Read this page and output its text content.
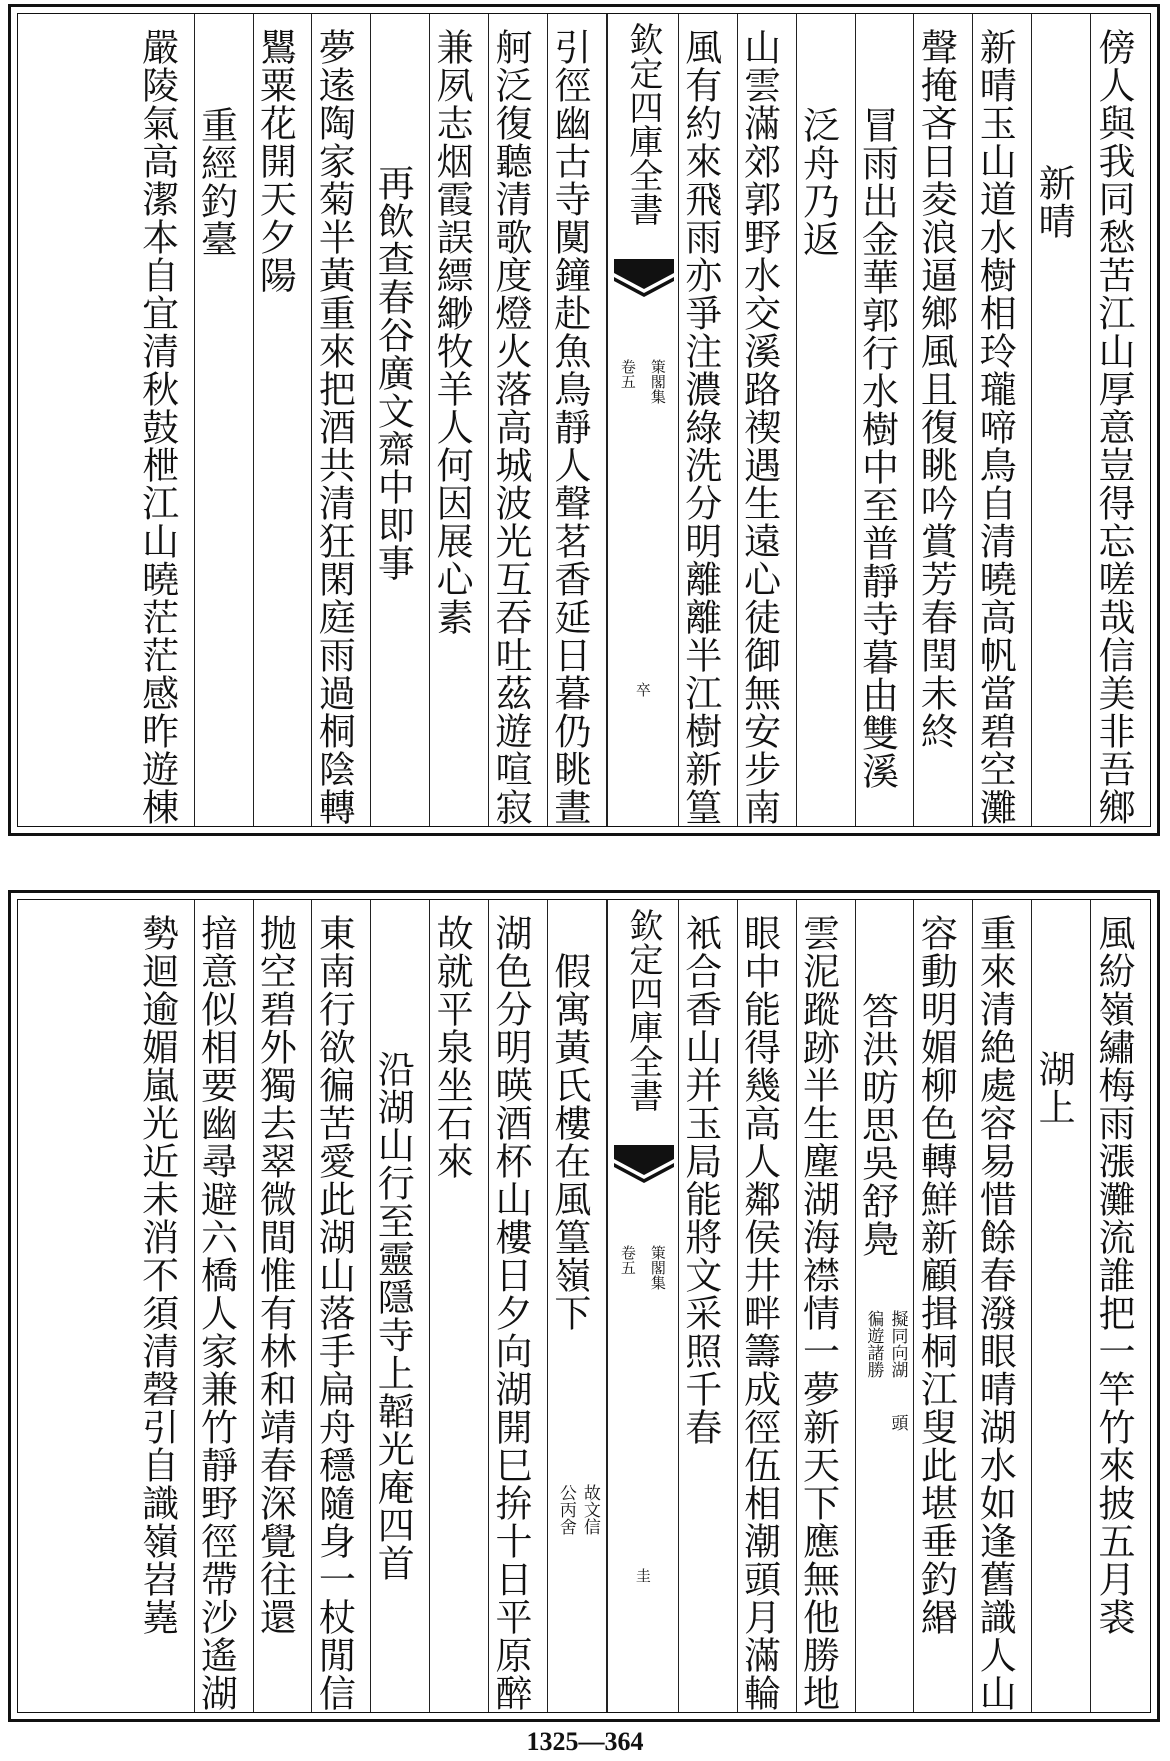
傍人與我同愁苦江山厚意豈得忘嗟哉信美非吾鄉
新晴
新晴玉山道水樹相玲瓏啼鳥自清曉高帆當碧空灘
聲掩吝日夌浪逼鄉風且復眺吟賞芳春閏未終
冒雨出金華郭行水樹中至普靜寺暮由雙溪
泛舟乃返
山雲滿郊郭野水交溪路禊遇生遠心徒御無安步南
風有約來飛雨亦爭注濃綠洗分明離離半江樹新篁
欽定四庫全書
䇿閣集
卷五
卒
引徑幽古寺闃鐘赴魚鳥靜人聲茗香延日暮仍眺晝
舸泛復聽清歌度燈火落高城波光互吞吐茲遊喧寂
兼夙志烟霞誤縹緲牧羊人何因展心素
再飲查春谷廣文齋中即事
夢逺陶家菊半黃重來把酒共清狂閑庭雨過桐陰轉
鸎粟花開天夕陽
重經釣臺
嚴陵氣高潔本自宜清秋鼓枻江山曉茫茫感昨遊棟
風紛嶺繡梅雨漲灘流誰把一竿竹來披五月裘
湖上
重來清絶處容易惜餘春潑眼晴湖水如逢舊識人山
容動明媚柳色轉鮮新顧揖桐江叟此堪垂釣緡
答洪昉思吳舒鳧
擬同向湖
頭
徧遊諸勝
雲泥蹤跡半生塵湖海襟情一夢新天下應無他勝地
眼中能得幾高人鄰侯井畔籌成徑伍相潮頭月滿輪
衹合香山并玉局能將文采照千春
欽定四庫全書
䇿閣集
卷五
圭
假寓黃氏樓在風篁嶺下
故文信
公丙舍
湖色分明暎酒杯山樓日夕向湖開巳拚十日平原醉
故就平泉坐石來
沿湖山行至靈隱寺上韜光庵四首
東南行欲徧苦愛此湖山落手扁舟穩隨身一杖閒信
抛空碧外獨去翠微間惟有林和靖春深覺往還
揞意似相要幽尋避六橋人家兼竹靜野徑帶沙遙湖
勢迴逾媚嵐光近未消不須清磬引自識嶺岧嶤
1325—364
